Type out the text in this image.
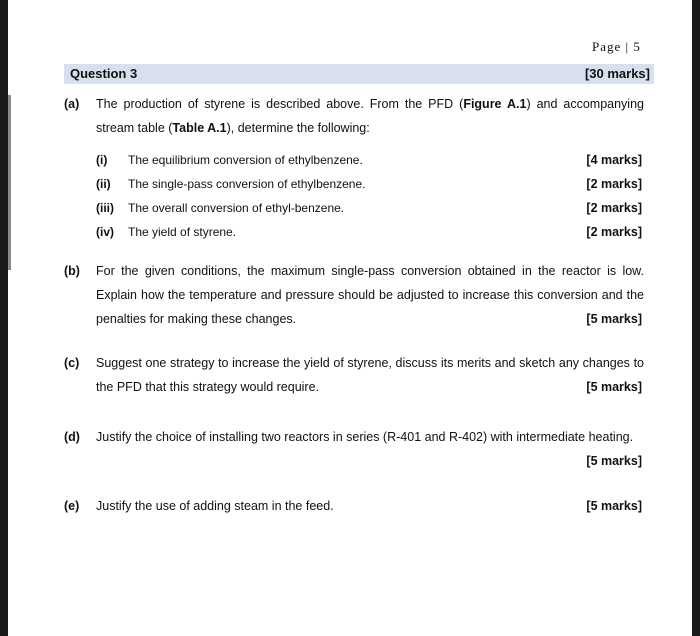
Page | 5
Question 3	[30 marks]
(a) The production of styrene is described above. From the PFD (Figure A.1) and accompanying stream table (Table A.1), determine the following:
(i) The equilibrium conversion of ethylbenzene.	[4 marks]
(ii) The single-pass conversion of ethylbenzene.	[2 marks]
(iii) The overall conversion of ethyl-benzene.	[2 marks]
(iv) The yield of styrene.	[2 marks]
(b) For the given conditions, the maximum single-pass conversion obtained in the reactor is low. Explain how the temperature and pressure should be adjusted to increase this conversion and the penalties for making these changes.	[5 marks]
(c) Suggest one strategy to increase the yield of styrene, discuss its merits and sketch any changes to the PFD that this strategy would require.	[5 marks]
(d) Justify the choice of installing two reactors in series (R-401 and R-402) with intermediate heating.
[5 marks]
(e) Justify the use of adding steam in the feed.	[5 marks]
